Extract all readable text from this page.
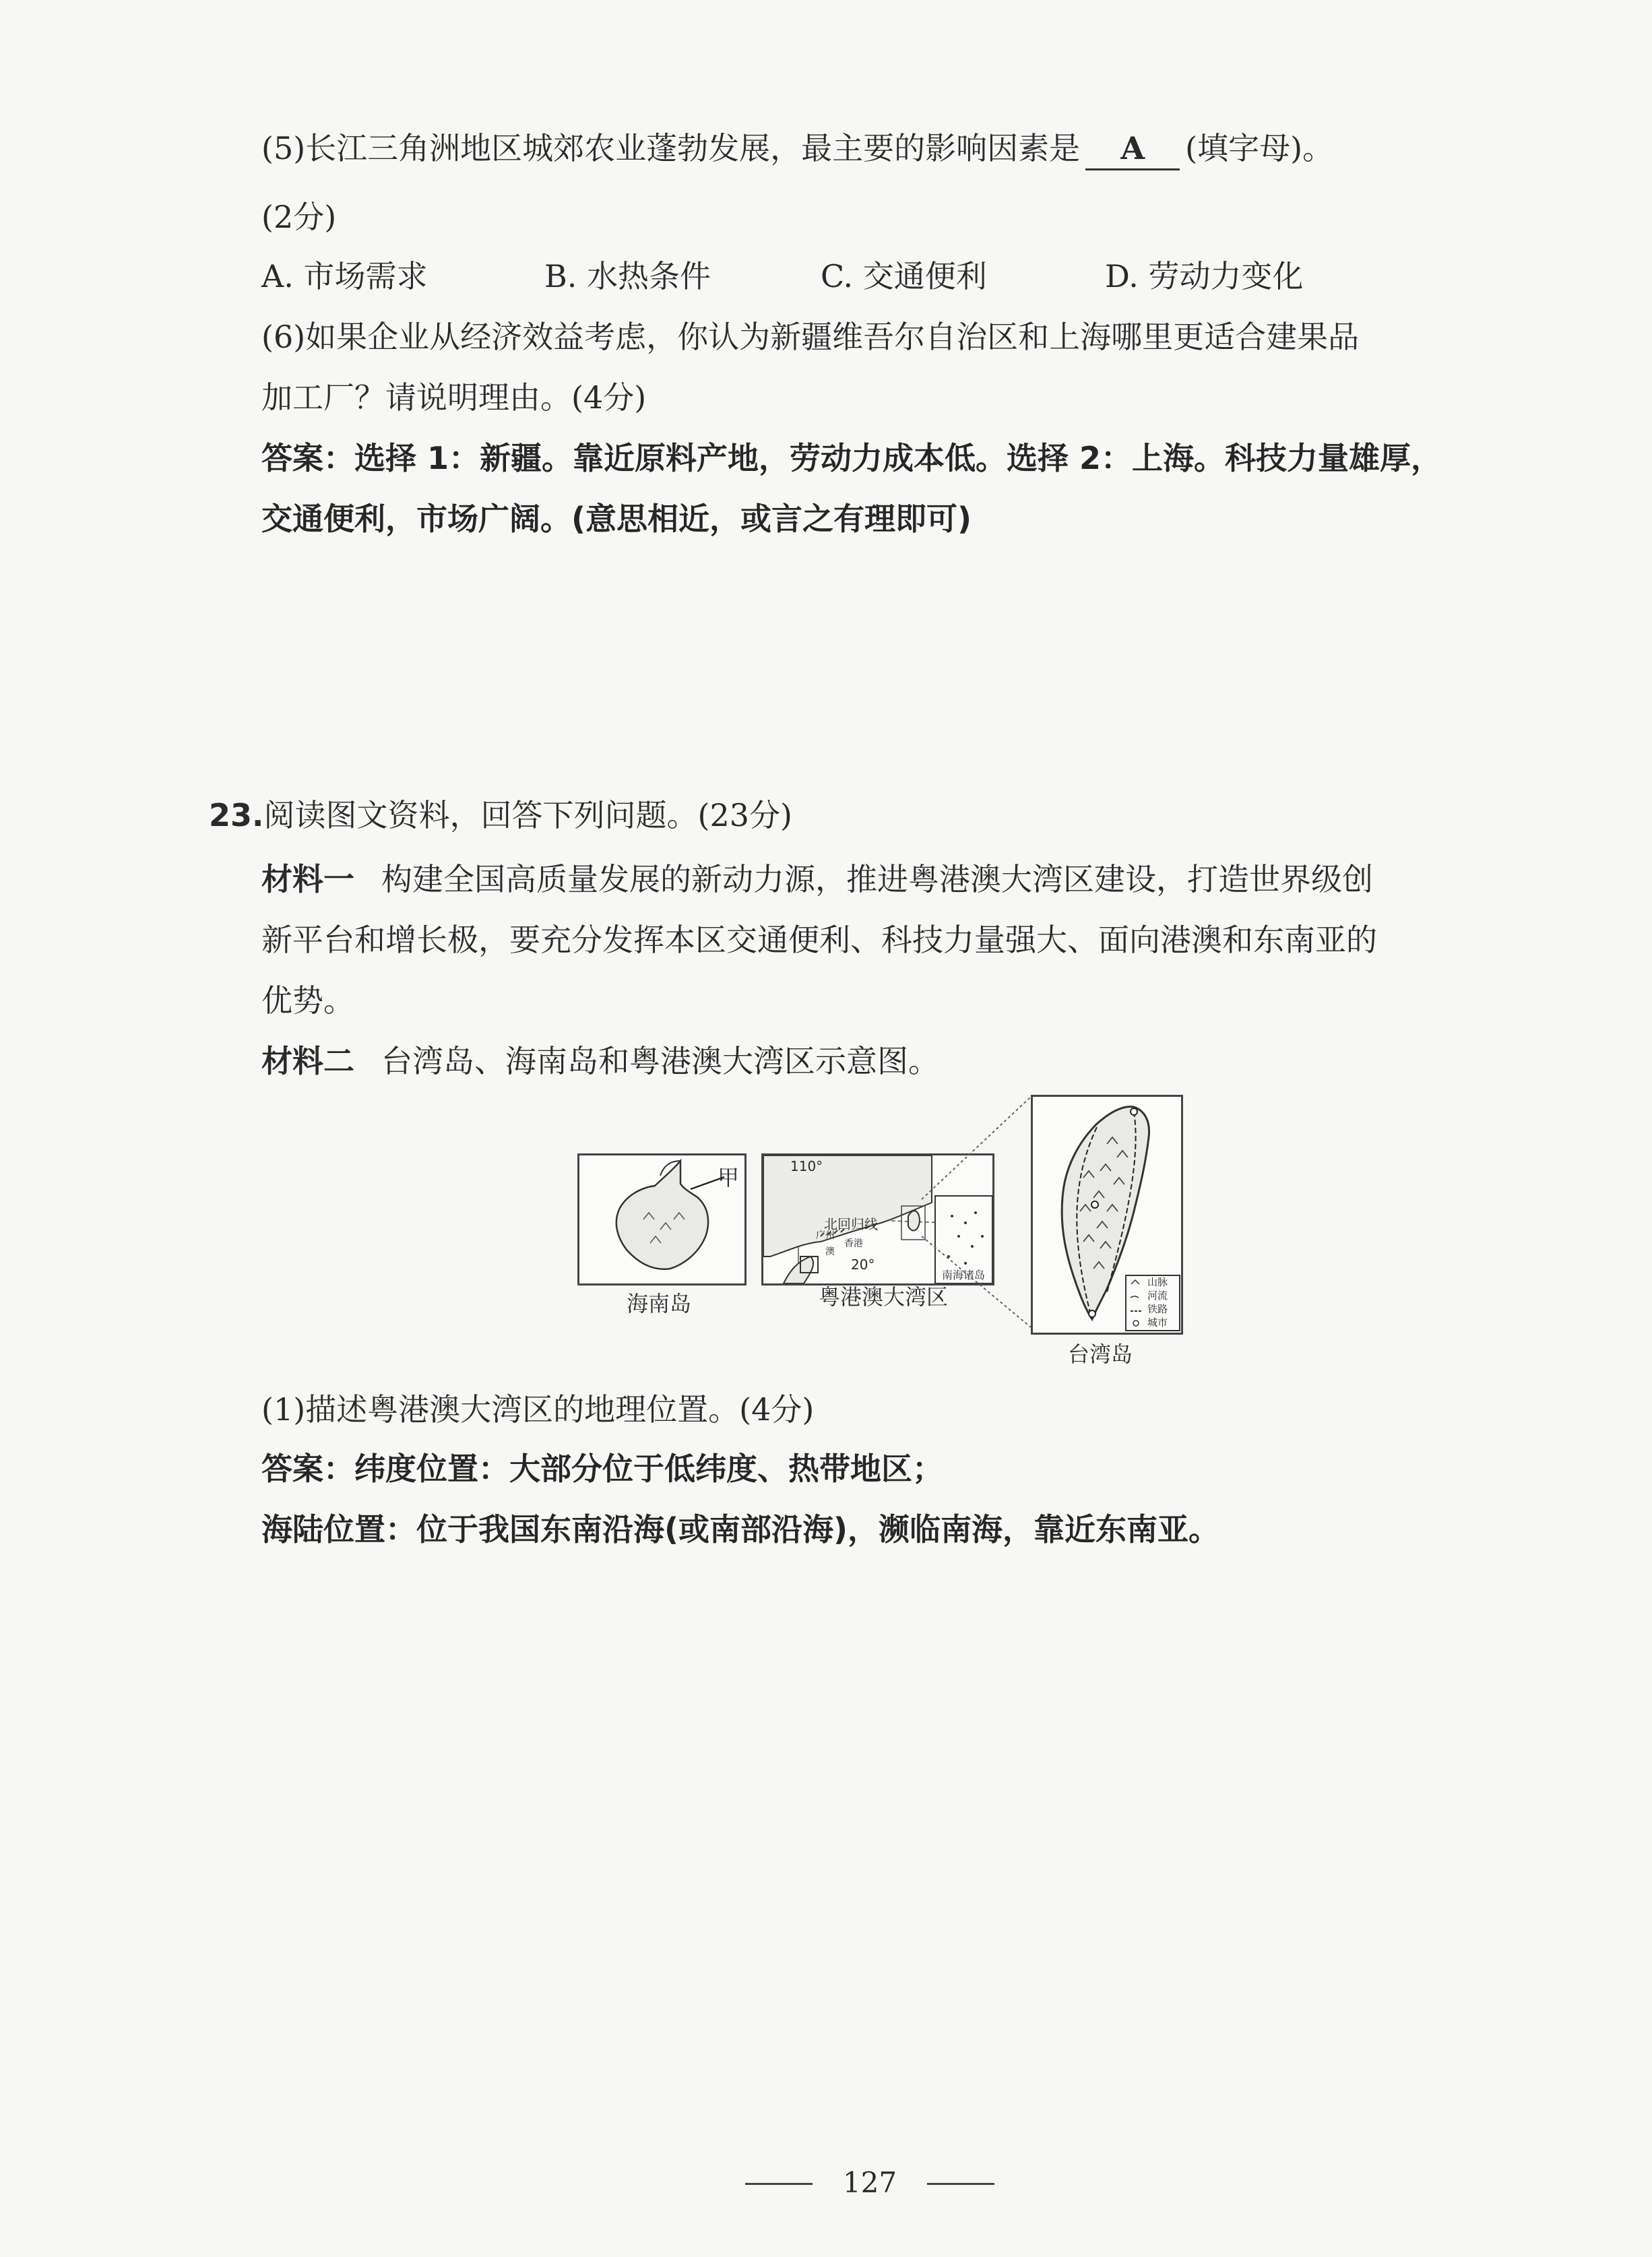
(5)长江三角洲地区城郊农业蓬勃发展，最主要的影响因素是 A (填字母)。
(2分)
A. 市场需求	B. 水热条件	C. 交通便利	D. 劳动力变化
(6)如果企业从经济效益考虑，你认为新疆维吾尔自治区和上海哪里更适合建果品
加工厂？请说明理由。(4分)
答案：选择 1：新疆。靠近原料产地，劳动力成本低。选择 2：上海。科技力量雄厚，
交通便利，市场广阔。(意思相近，或言之有理即可)
23.阅读图文资料，回答下列问题。(23分)
材料一 构建全国高质量发展的新动力源，推进粤港澳大湾区建设，打造世界级创
新平台和增长极，要充分发挥本区交通便利、科技力量强大、面向港澳和东南亚的
优势。
材料二 台湾岛、海南岛和粤港澳大湾区示意图。
甲
海南岛
110°
北回归线
广州
香港
澳
20°
南海诸岛
粤港澳大湾区
山脉
河流
铁路
城市
台湾岛
(1)描述粤港澳大湾区的地理位置。(4分)
答案：纬度位置：大部分位于低纬度、热带地区；
海陆位置：位于我国东南沿海(或南部沿海)，濒临南海，靠近东南亚。
127
